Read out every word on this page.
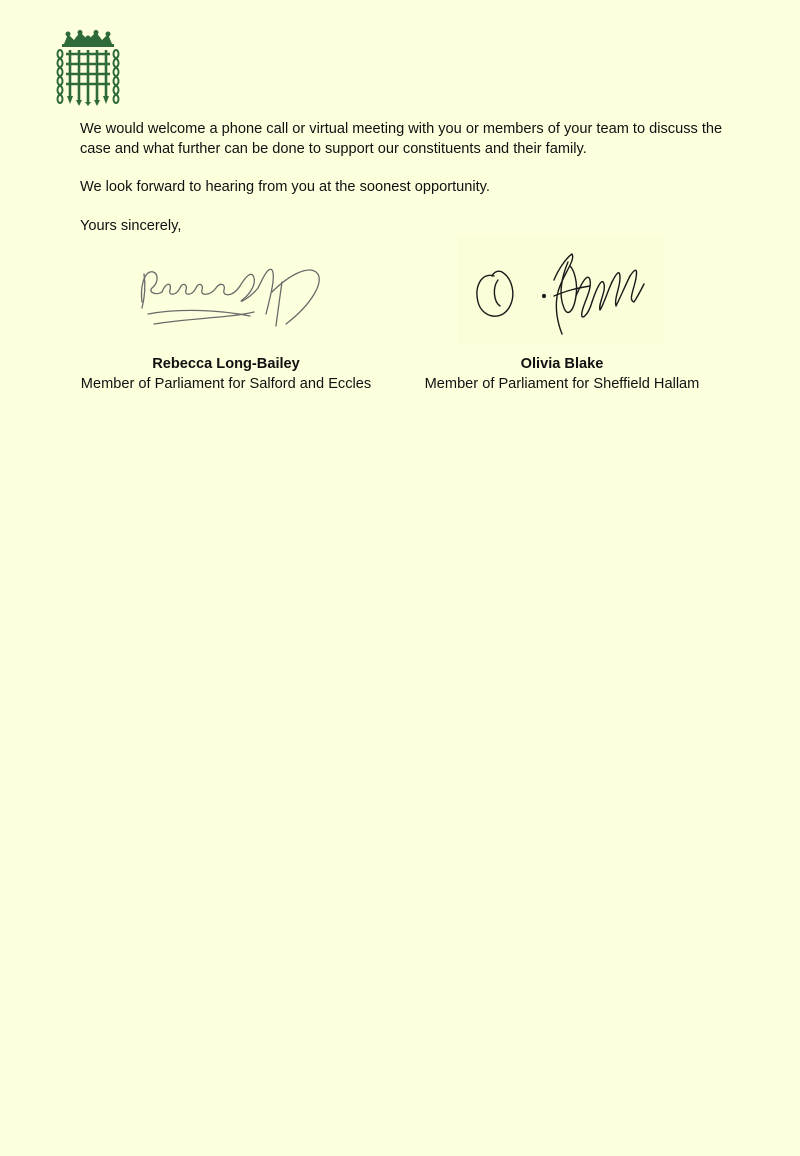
We would welcome a phone call or virtual meeting with you or members of your team to discuss the case and what further can be done to support our constituents and their family.

We look forward to hearing from you at the soonest opportunity.

Yours sincerely,

Rebecca Long-Bailey
Member of Parliament for Salford and Eccles
Olivia Blake
Member of Parliament for Sheffield Hallam
